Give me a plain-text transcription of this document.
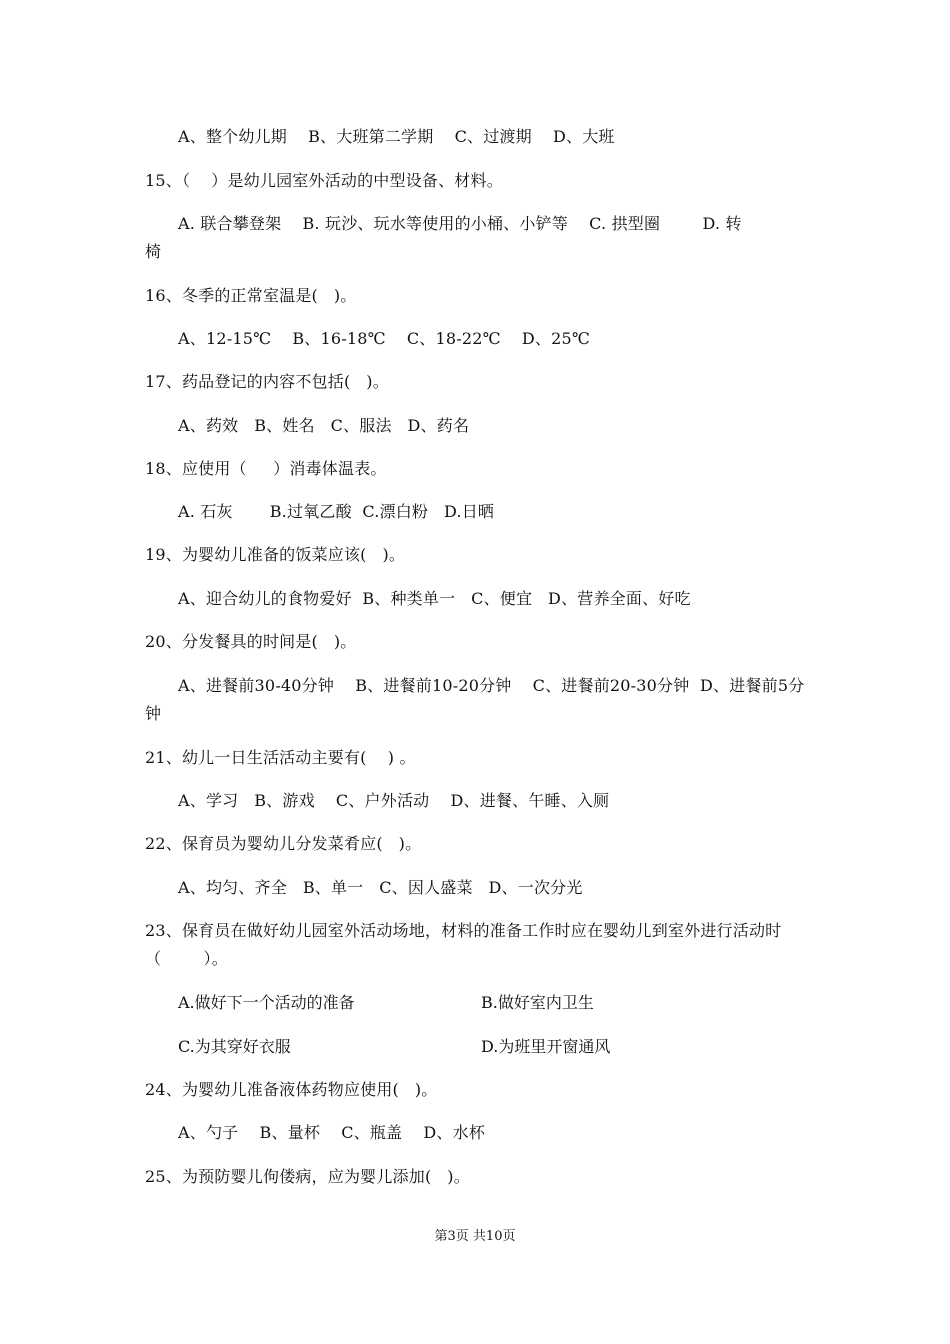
A、整个幼儿期    B、大班第二学期    C、过渡期    D、大班
15、（    ）是幼儿园室外活动的中型设备、材料。
A. 联合攀登架    B. 玩沙、玩水等使用的小桶、小铲等    C. 拱型圈        D. 转
椅
16、冬季的正常室温是(   )。
A、12-15℃    B、16-18℃    C、18-22℃    D、25℃
17、药品登记的内容不包括(   )。
A、药效   B、姓名   C、服法   D、药名
18、应使用（     ）消毒体温表。
A. 石灰       B.过氧乙酸  C.漂白粉   D.日晒
19、为婴幼儿准备的饭菜应该(   )。
A、迎合幼儿的食物爱好  B、种类单一   C、便宜   D、营养全面、好吃
20、分发餐具的时间是(   )。
A、进餐前30-40分钟    B、进餐前10-20分钟    C、进餐前20-30分钟  D、进餐前5分
钟
21、幼儿一日生活活动主要有(    ) 。
A、学习   B、游戏    C、户外活动    D、进餐、午睡、入厕
22、保育员为婴幼儿分发菜肴应(   )。
A、均匀、齐全   B、单一   C、因人盛菜   D、一次分光
23、保育员在做好幼儿园室外活动场地，材料的准备工作时应在婴幼儿到室外进行活动时
（        ）。
A.做好下一个活动的准备	B.做好室内卫生
C.为其穿好衣服	D.为班里开窗通风
24、为婴幼儿准备液体药物应使用(   )。
A、勺子    B、量杯    C、瓶盖    D、水杯
25、为预防婴儿佝偻病，应为婴儿添加(   )。
第3页 共10页
